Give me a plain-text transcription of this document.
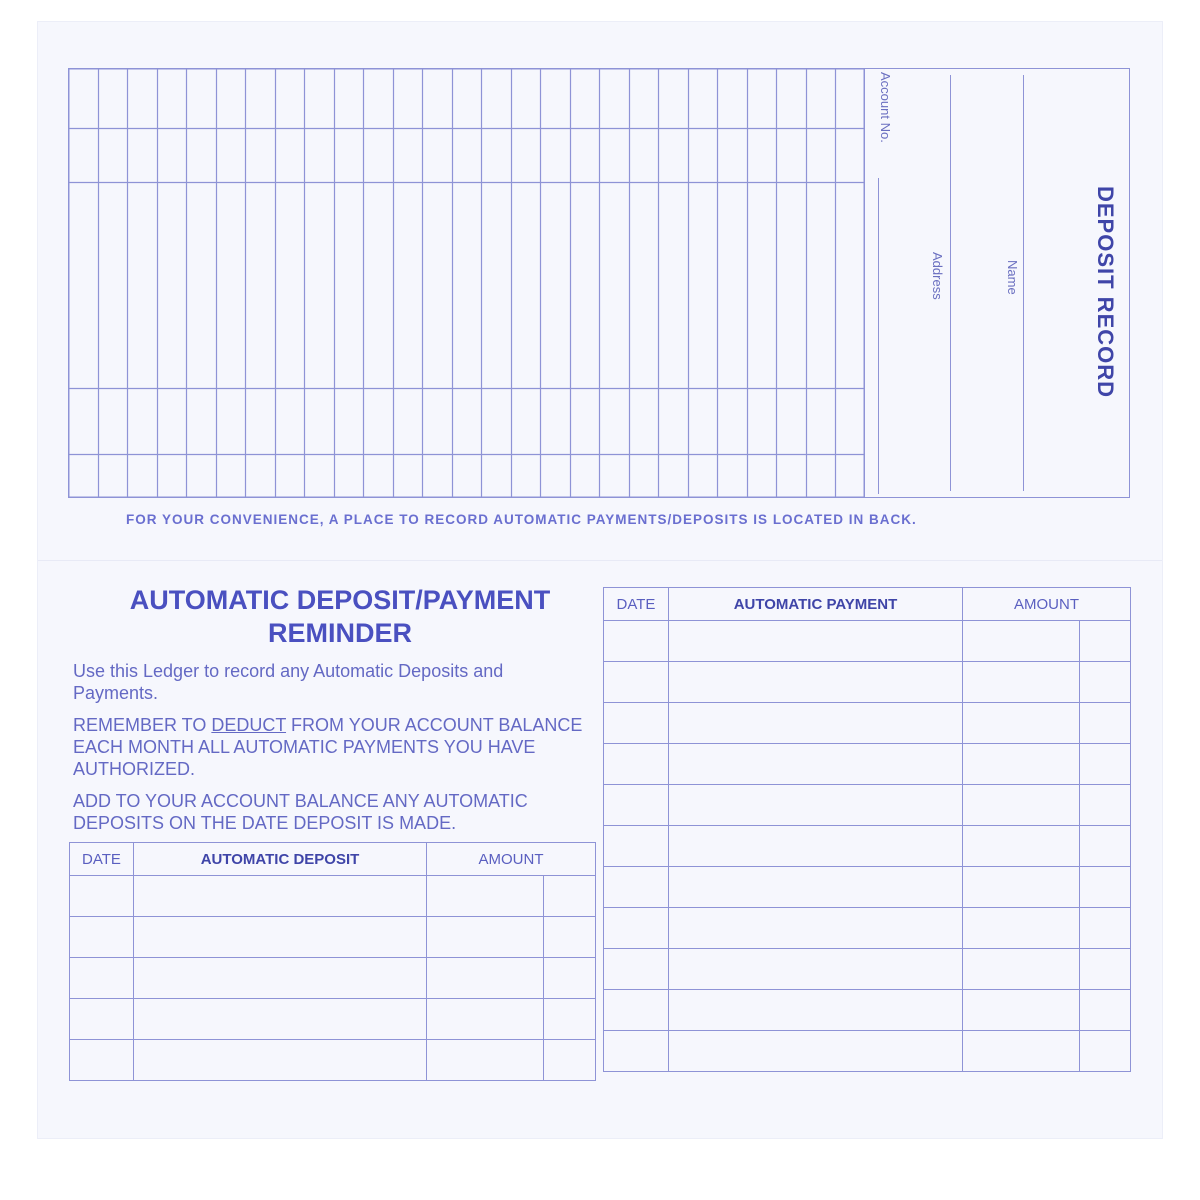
DEPOSIT RECORD
Account No.
Address	Name
FOR YOUR CONVENIENCE, A PLACE TO RECORD AUTOMATIC PAYMENTS/DEPOSITS IS LOCATED IN BACK.
AUTOMATIC DEPOSIT/PAYMENT
REMINDER
Use this Ledger to record any Automatic Deposits and Payments.
REMEMBER TO DEDUCT FROM YOUR ACCOUNT BALANCE EACH MONTH ALL AUTOMATIC PAYMENTS YOU HAVE AUTHORIZED.
ADD TO YOUR ACCOUNT BALANCE ANY AUTOMATIC DEPOSITS ON THE DATE DEPOSIT IS MADE.
DATE	AUTOMATIC DEPOSIT	AMOUNT	

DATE	AUTOMATIC PAYMENT	AMOUNT	
